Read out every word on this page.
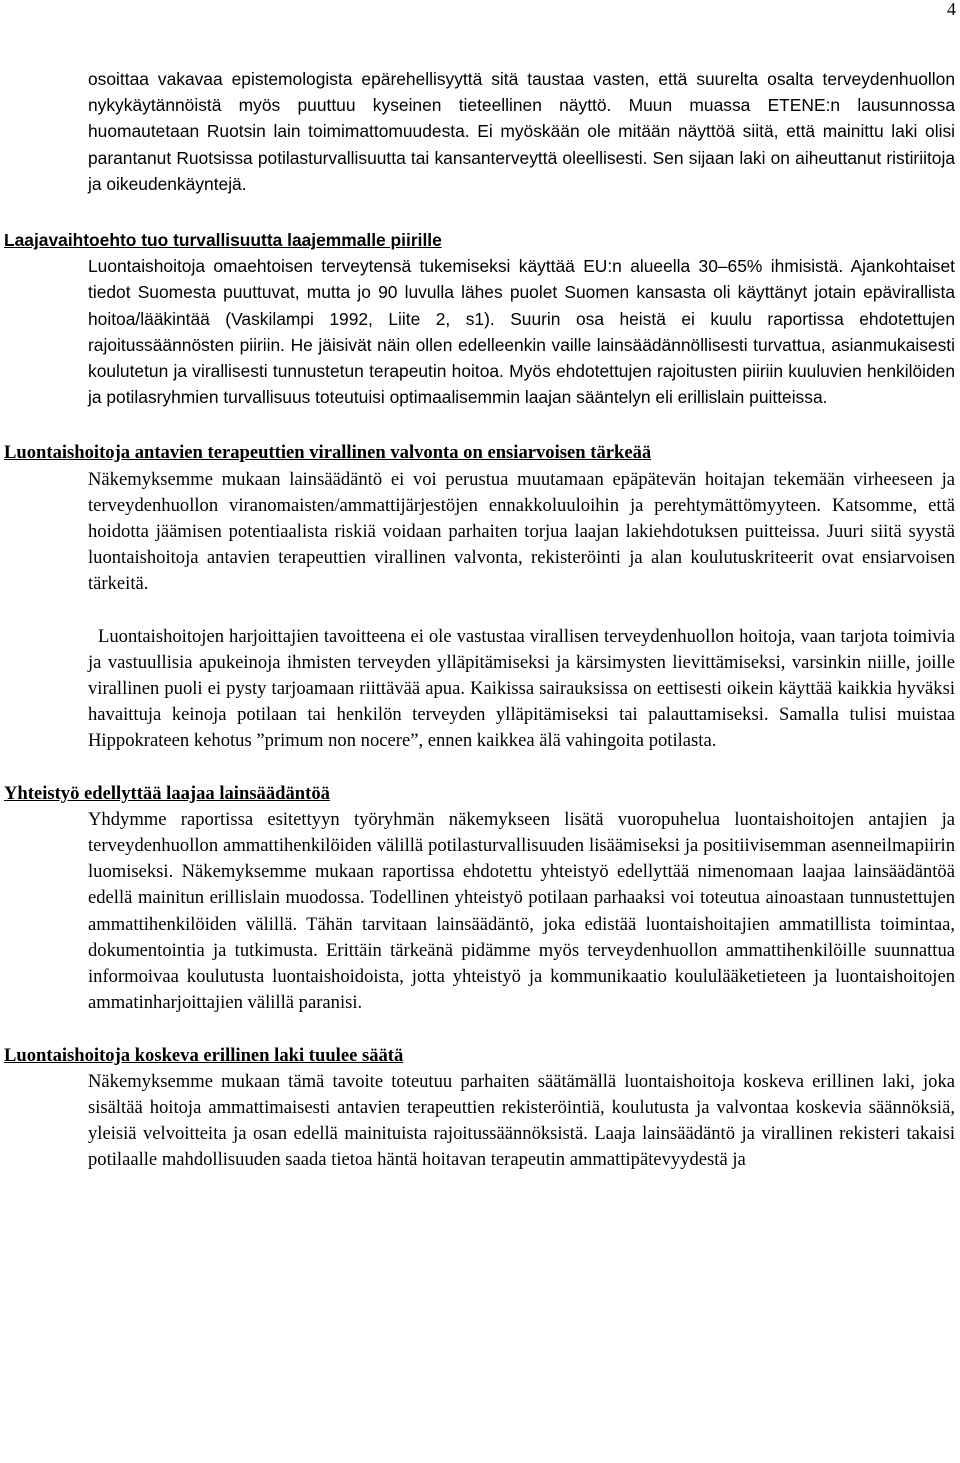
4

osoittaa vakavaa epistemologista epärehellisyyttä sitä taustaa vasten, että suurelta osalta terveydenhuollon nykykäytännöistä myös puuttuu kyseinen tieteellinen näyttö. Muun muassa ETENE:n lausunnossa huomautetaan Ruotsin lain toimimattomuudesta. Ei myöskään ole mitään näyttöä siitä, että mainittu laki olisi parantanut Ruotsissa potilasturvallisuutta tai kansanterveyttä oleellisesti. Sen sijaan laki on aiheuttanut ristiriitoja ja oikeudenkäyntejä.

Laajavaihtoehto tuo turvallisuutta laajemmalle piirille

Luontaishoitoja omaehtoisen terveytensä tukemiseksi käyttää EU:n alueella 30–65% ihmisistä. Ajankohtaiset tiedot Suomesta puuttuvat, mutta jo 90 luvulla lähes puolet Suomen kansasta oli käyttänyt jotain epävirallista hoitoa/lääkintää (Vaskilampi 1992, Liite 2, s1). Suurin osa heistä ei kuulu raportissa ehdotettujen rajoitussäännösten piiriin. He jäisivät näin ollen edelleenkin vaille lainsäädännöllisesti turvattua, asianmukaisesti koulutetun ja virallisesti tunnustetun terapeutin hoitoa. Myös ehdotettujen rajoitusten piiriin kuuluvien henkilöiden ja potilasryhmien turvallisuus toteutuisi optimaalisemmin laajan sääntelyn eli erillislain puitteissa.

Luontaishoitoja antavien terapeuttien virallinen valvonta on ensiarvoisen tärkeää

Näkemyksemme mukaan lainsäädäntö ei voi perustua muutamaan epäpätevän hoitajan tekemään virheeseen ja terveydenhuollon viranomaisten/ammattijärjestöjen ennakkoluuloihin ja perehtymättömyyteen. Katsomme, että hoidotta jäämisen potentiaalista riskiä voidaan parhaiten torjua laajan lakiehdotuksen puitteissa. Juuri siitä syystä luontaishoitoja antavien terapeuttien virallinen valvonta, rekisteröinti ja alan koulutuskriteerit ovat ensiarvoisen tärkeitä.

Luontaishoitojen harjoittajien tavoitteena ei ole vastustaa virallisen terveydenhuollon hoitoja, vaan tarjota toimivia ja vastuullisia apukeinoja ihmisten terveyden ylläpitämiseksi ja kärsimysten lievittämiseksi, varsinkin niille, joille virallinen puoli ei pysty tarjoamaan riittävää apua. Kaikissa sairauksissa on eettisesti oikein käyttää kaikkia hyväksi havaittuja keinoja potilaan tai henkilön terveyden ylläpitämiseksi tai palauttamiseksi. Samalla tulisi muistaa Hippokrateen kehotus ”primum non nocere”, ennen kaikkea älä vahingoita potilasta.

Yhteistyö edellyttää laajaa lainsäädäntöä

Yhdymme raportissa esitettyyn työryhmän näkemykseen lisätä vuoropuhelua luontaishoitojen antajien ja terveydenhuollon ammattihenkilöiden välillä potilasturvallisuuden lisäämiseksi ja positiivisemman asenneilmapiirin luomiseksi. Näkemyksemme mukaan raportissa ehdotettu yhteistyö edellyttää nimenomaan laajaa lainsäädäntöä edellä mainitun erillislain muodossa. Todellinen yhteistyö potilaan parhaaksi voi toteutua ainoastaan tunnustettujen ammattihenkilöiden välillä. Tähän tarvitaan lainsäädäntö, joka edistää luontaishoitajien ammatillista toimintaa, dokumentointia ja tutkimusta. Erittäin tärkeänä pidämme myös terveydenhuollon ammattihenkilöille suunnattua informoivaa koulutusta luontaishoidoista, jotta yhteistyö ja kommunikaatio koululääketieteen ja luontaishoitojen ammatinharjoittajien välillä paranisi.

Luontaishoitoja koskeva erillinen laki tuulee säätä

Näkemyksemme mukaan tämä tavoite toteutuu parhaiten säätämällä luontaishoitoja koskeva erillinen laki, joka sisältää hoitoja ammattimaisesti antavien terapeuttien rekisteröintiä, koulutusta ja valvontaa koskevia säännöksiä, yleisiä velvoitteita ja osan edellä mainituista rajoitussäännöksistä. Laaja lainsäädäntö ja virallinen rekisteri takaisi potilaalle mahdollisuuden saada tietoa häntä hoitavan terapeutin ammattipätevyydestä ja
